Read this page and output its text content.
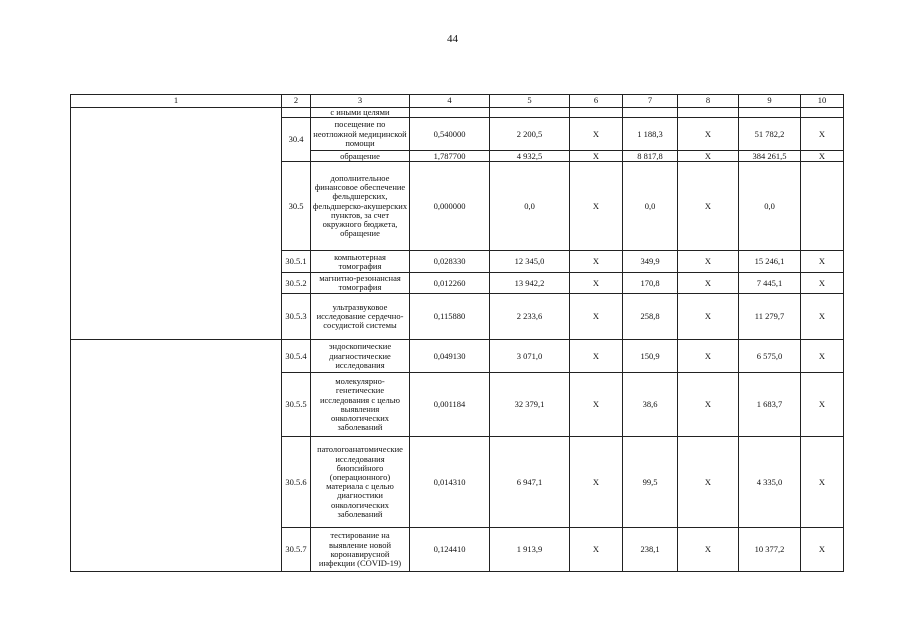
44
1	2	3	4	5	6	7	8	9	10
		с иными целями							
	30.4	посещение по неотложной медицинской помощи	0,540000	2 200,5	X	1 188,3	X	51 782,2	X
		обращение	1,787700	4 932,5	X	8 817,8	X	384 261,5	X
	30.5	дополнительное финансовое обеспечение фельдшерских, фельдшерско-акушерских пунктов, за счет окружного бюджета, обращение	0,000000	0,0	X	0,0	X	0,0	
	30.5.1	компьютерная томография	0,028330	12 345,0	X	349,9	X	15 246,1	X
	30.5.2	магнитно-резонансная томография	0,012260	13 942,2	X	170,8	X	7 445,1	X
	30.5.3	ультразвуковое исследование сердечно-сосудистой системы	0,115880	2 233,6	X	258,8	X	11 279,7	X
	30.5.4	эндоскопические диагностические исследования	0,049130	3 071,0	X	150,9	X	6 575,0	X
	30.5.5	молекулярно-генетические исследования с целью выявления онкологических заболеваний	0,001184	32 379,1	X	38,6	X	1 683,7	X
	30.5.6	патологоанатомические исследования биопсийного (операционного) материала с целью диагностики онкологических заболеваний	0,014310	6 947,1	X	99,5	X	4 335,0	X
	30.5.7	тестирование на выявление новой коронавирусной инфекции (COVID-19)	0,124410	1 913,9	X	238,1	X	10 377,2	X
